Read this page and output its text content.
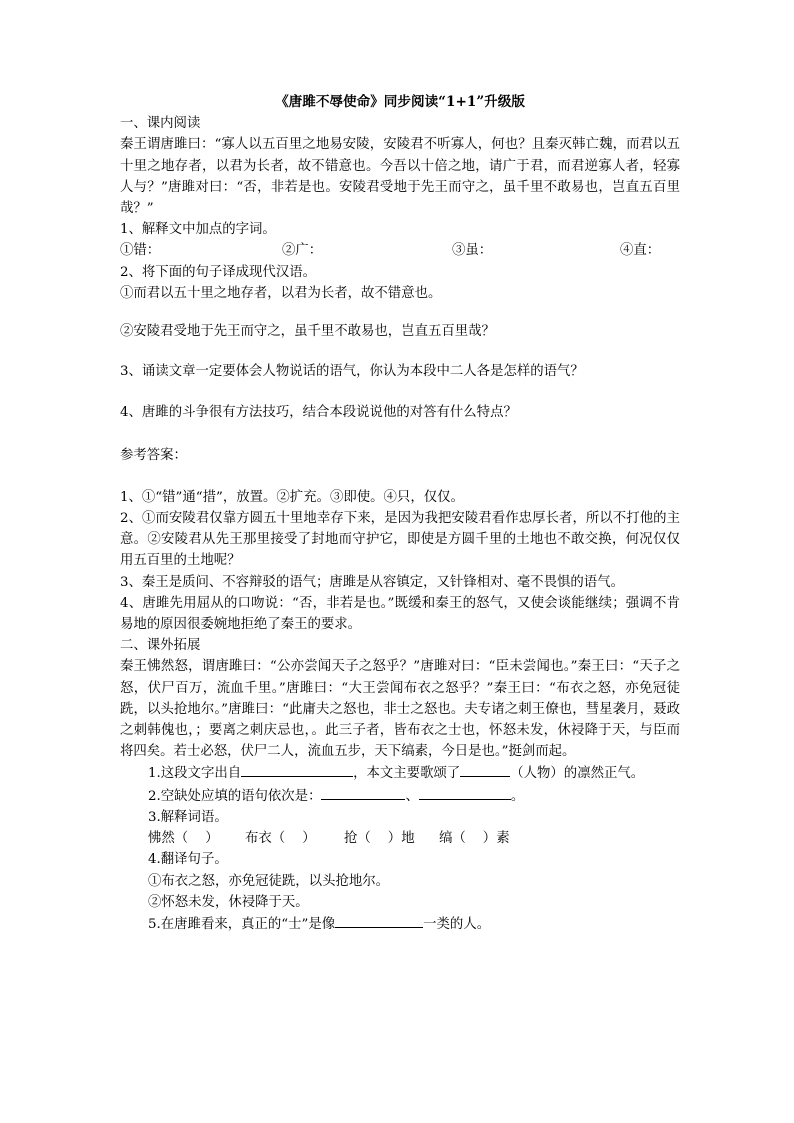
《唐雎不辱使命》同步阅读“1+1”升级版

一、课内阅读

秦王谓唐雎曰：“寡人以五百里之地易安陵，安陵君不听寡人，何也？且秦灭韩亡魏，而君以五十里之地存者，以君为长者，故不错意也。今吾以十倍之地，请广于君，而君逆寡人者，轻寡人与？”唐雎对曰：“否，非若是也。安陵君受地于先王而守之，虽千里不敢易也，岂直五百里哉？”

1、解释文中加点的字词。

①错：	②广：	③虽：	④直：

2、将下面的句子译成现代汉语。

①而君以五十里之地存者，以君为长者，故不错意也。

②安陵君受地于先王而守之，虽千里不敢易也，岂直五百里哉？

3、诵读文章一定要体会人物说话的语气，你认为本段中二人各是怎样的语气？

4、唐雎的斗争很有方法技巧，结合本段说说他的对答有什么特点？

参考答案：

1、①“错”通“措”，放置。②扩充。③即使。④只，仅仅。

2、①而安陵君仅靠方圆五十里地幸存下来，是因为我把安陵君看作忠厚长者，所以不打他的主意。②安陵君从先王那里接受了封地而守护它，即使是方圆千里的土地也不敢交换，何况仅仅用五百里的土地呢？

3、秦王是质问、不容辩驳的语气；唐雎是从容镇定，又针锋相对、毫不畏惧的语气。

4、唐雎先用屈从的口吻说：“否，非若是也。”既缓和秦王的怒气，又使会谈能继续；强调不肯易地的原因很委婉地拒绝了秦王的要求。

二、课外拓展

秦王怫然怒，谓唐雎曰：“公亦尝闻天子之怒乎？”唐雎对曰：“臣未尝闻也。”秦王曰：“天子之怒，伏尸百万，流血千里。”唐雎曰：“大王尝闻布衣之怒乎？”秦王曰：“布衣之怒，亦免冠徒跣，以头抢地尔。”唐雎曰：“此庸夫之怒也，非士之怒也。夫专诸之刺王僚也，彗星袭月，聂政之刺韩傀也，；要离之刺庆忌也，。此三子者，皆布衣之士也，怀怒未发，休祲降于天，与臣而将四矣。若士必怒，伏尸二人，流血五步，天下缟素，今日是也。”挺剑而起。

1.这段文字出自	，本文主要歌颂了	（人物）的凛然正气。

2.空缺处应填的语句依次是：	、	。

3.解释词语。

怫然（    ）	布衣（    ）	抢（    ）地	缟（    ）素

4.翻译句子。

①布衣之怒，亦免冠徒跣，以头抢地尔。

②怀怒未发，休祲降于天。

5.在唐雎看来，真正的“士”是像	一类的人。
